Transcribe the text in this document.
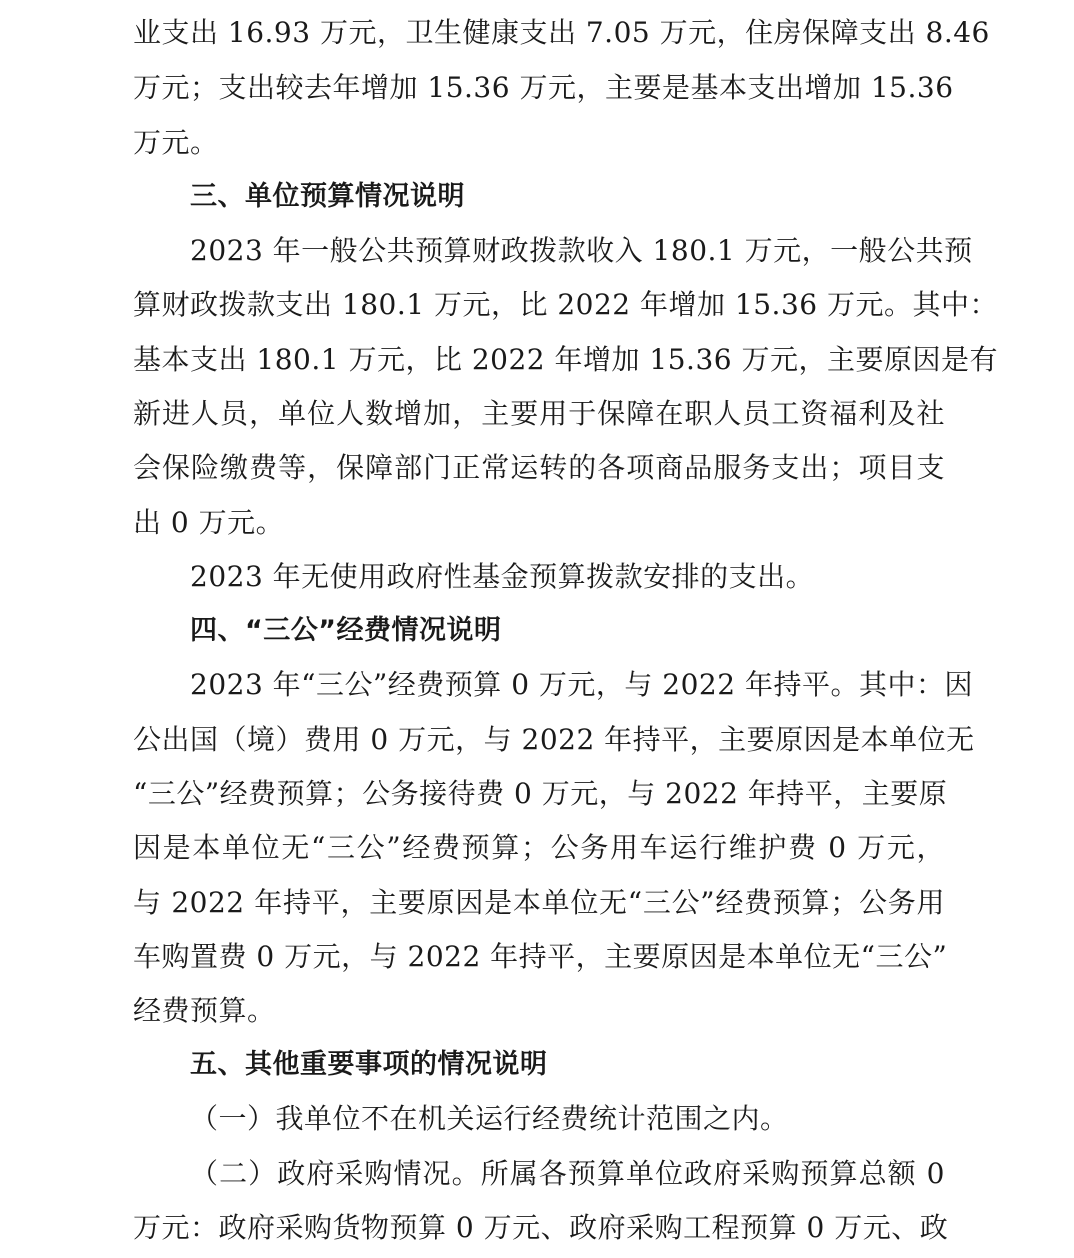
业支出 16.93 万元，卫生健康支出 7.05 万元，住房保障支出 8.46
万元；支出较去年增加 15.36 万元，主要是基本支出增加 15.36
万元。
三、单位预算情况说明
2023 年一般公共预算财政拨款收入 180.1 万元，一般公共预
算财政拨款支出 180.1 万元，比 2022 年增加 15.36 万元。其中：
基本支出 180.1 万元，比 2022 年增加 15.36 万元，主要原因是有
新进人员，单位人数增加，主要用于保障在职人员工资福利及社
会保险缴费等，保障部门正常运转的各项商品服务支出；项目支
出 0 万元。
2023 年无使用政府性基金预算拨款安排的支出。
四、“三公”经费情况说明
2023 年“三公”经费预算 0 万元，与 2022 年持平。其中：因
公出国（境）费用 0 万元，与 2022 年持平，主要原因是本单位无
“三公”经费预算；公务接待费 0 万元，与 2022 年持平，主要原
因是本单位无“三公”经费预算；公务用车运行维护费 0 万元，
与 2022 年持平，主要原因是本单位无“三公”经费预算；公务用
车购置费 0 万元，与 2022 年持平，主要原因是本单位无“三公”
经费预算。
五、其他重要事项的情况说明
（一）我单位不在机关运行经费统计范围之内。
（二）政府采购情况。所属各预算单位政府采购预算总额 0
万元：政府采购货物预算 0 万元、政府采购工程预算 0 万元、政
